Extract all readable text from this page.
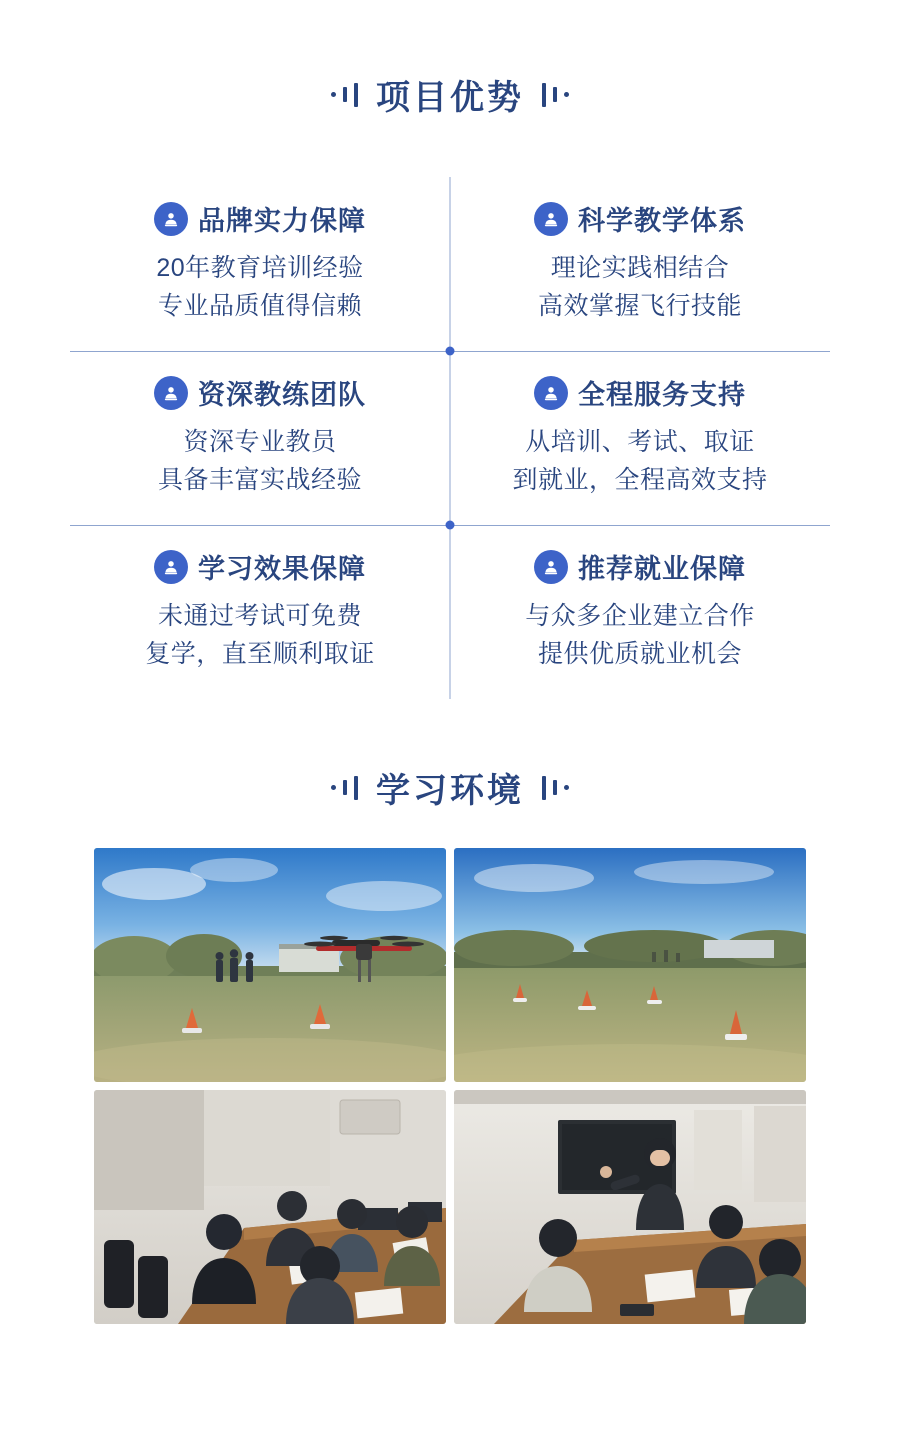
项目优势
品牌实力保障
20年教育培训经验
专业品质值得信赖
科学教学体系
理论实践相结合
高效掌握飞行技能
资深教练团队
资深专业教员
具备丰富实战经验
全程服务支持
从培训、考试、取证
到就业，全程高效支持
学习效果保障
未通过考试可免费
复学，直至顺利取证
推荐就业保障
与众多企业建立合作
提供优质就业机会
学习环境
